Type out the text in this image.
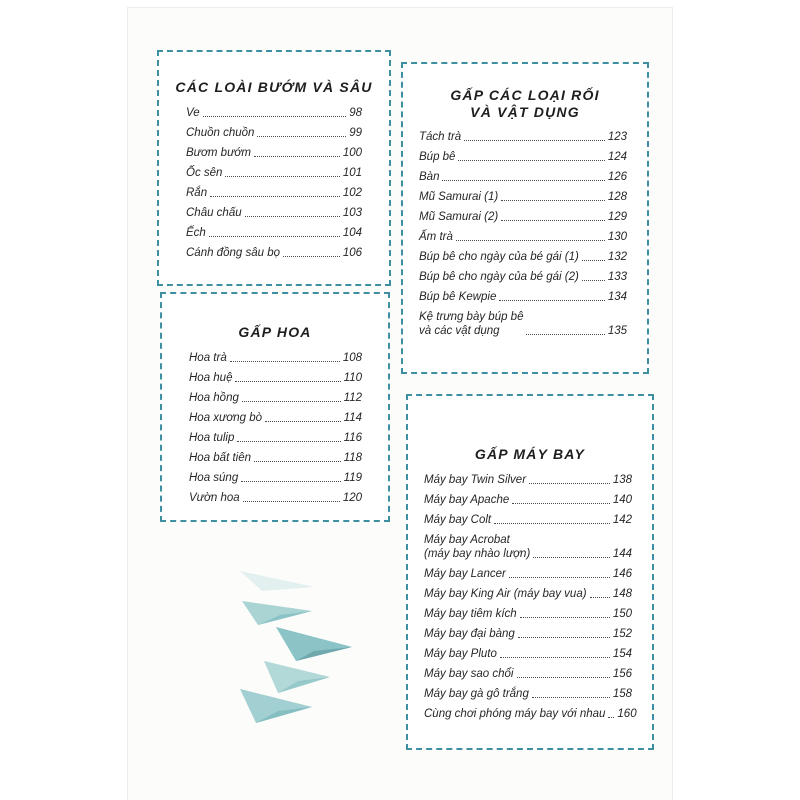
CÁC LOÀI BƯỚM VÀ SÂU
Ve	98
Chuồn chuồn	99
Bươm bướm	100
Ốc sên	101
Rắn	102
Châu chấu	103
Ếch	104
Cánh đồng sâu bọ	106
GẤP HOA
Hoa trà	108
Hoa huệ	110
Hoa hồng	112
Hoa xương bò	114
Hoa tulip	116
Hoa bất tiên	118
Hoa súng	119
Vườn hoa	120
GẤP CÁC LOẠI RỐI
VÀ VẬT DỤNG
Tách trà	123
Búp bê	124
Bàn	126
Mũ Samurai (1)	128
Mũ Samurai (2)	129
Ấm trà	130
Búp bê cho ngày của bé gái (1)	132
Búp bê cho ngày của bé gái (2)	133
Búp bê Kewpie	134
Kệ trưng bày búp bê
và các vật dụng	135
GẤP MÁY BAY
Máy bay Twin Silver	138
Máy bay Apache	140
Máy bay Colt	142
Máy bay Acrobat
(máy bay nhào lượn)	144
Máy bay Lancer	146
Máy bay King Air (máy bay vua) 148
Máy bay tiêm kích	150
Máy bay đại bàng	152
Máy bay Pluto	154
Máy bay sao chổi	156
Máy bay gà gô trắng	158
Cùng chơi phóng máy bay với nhau 160
